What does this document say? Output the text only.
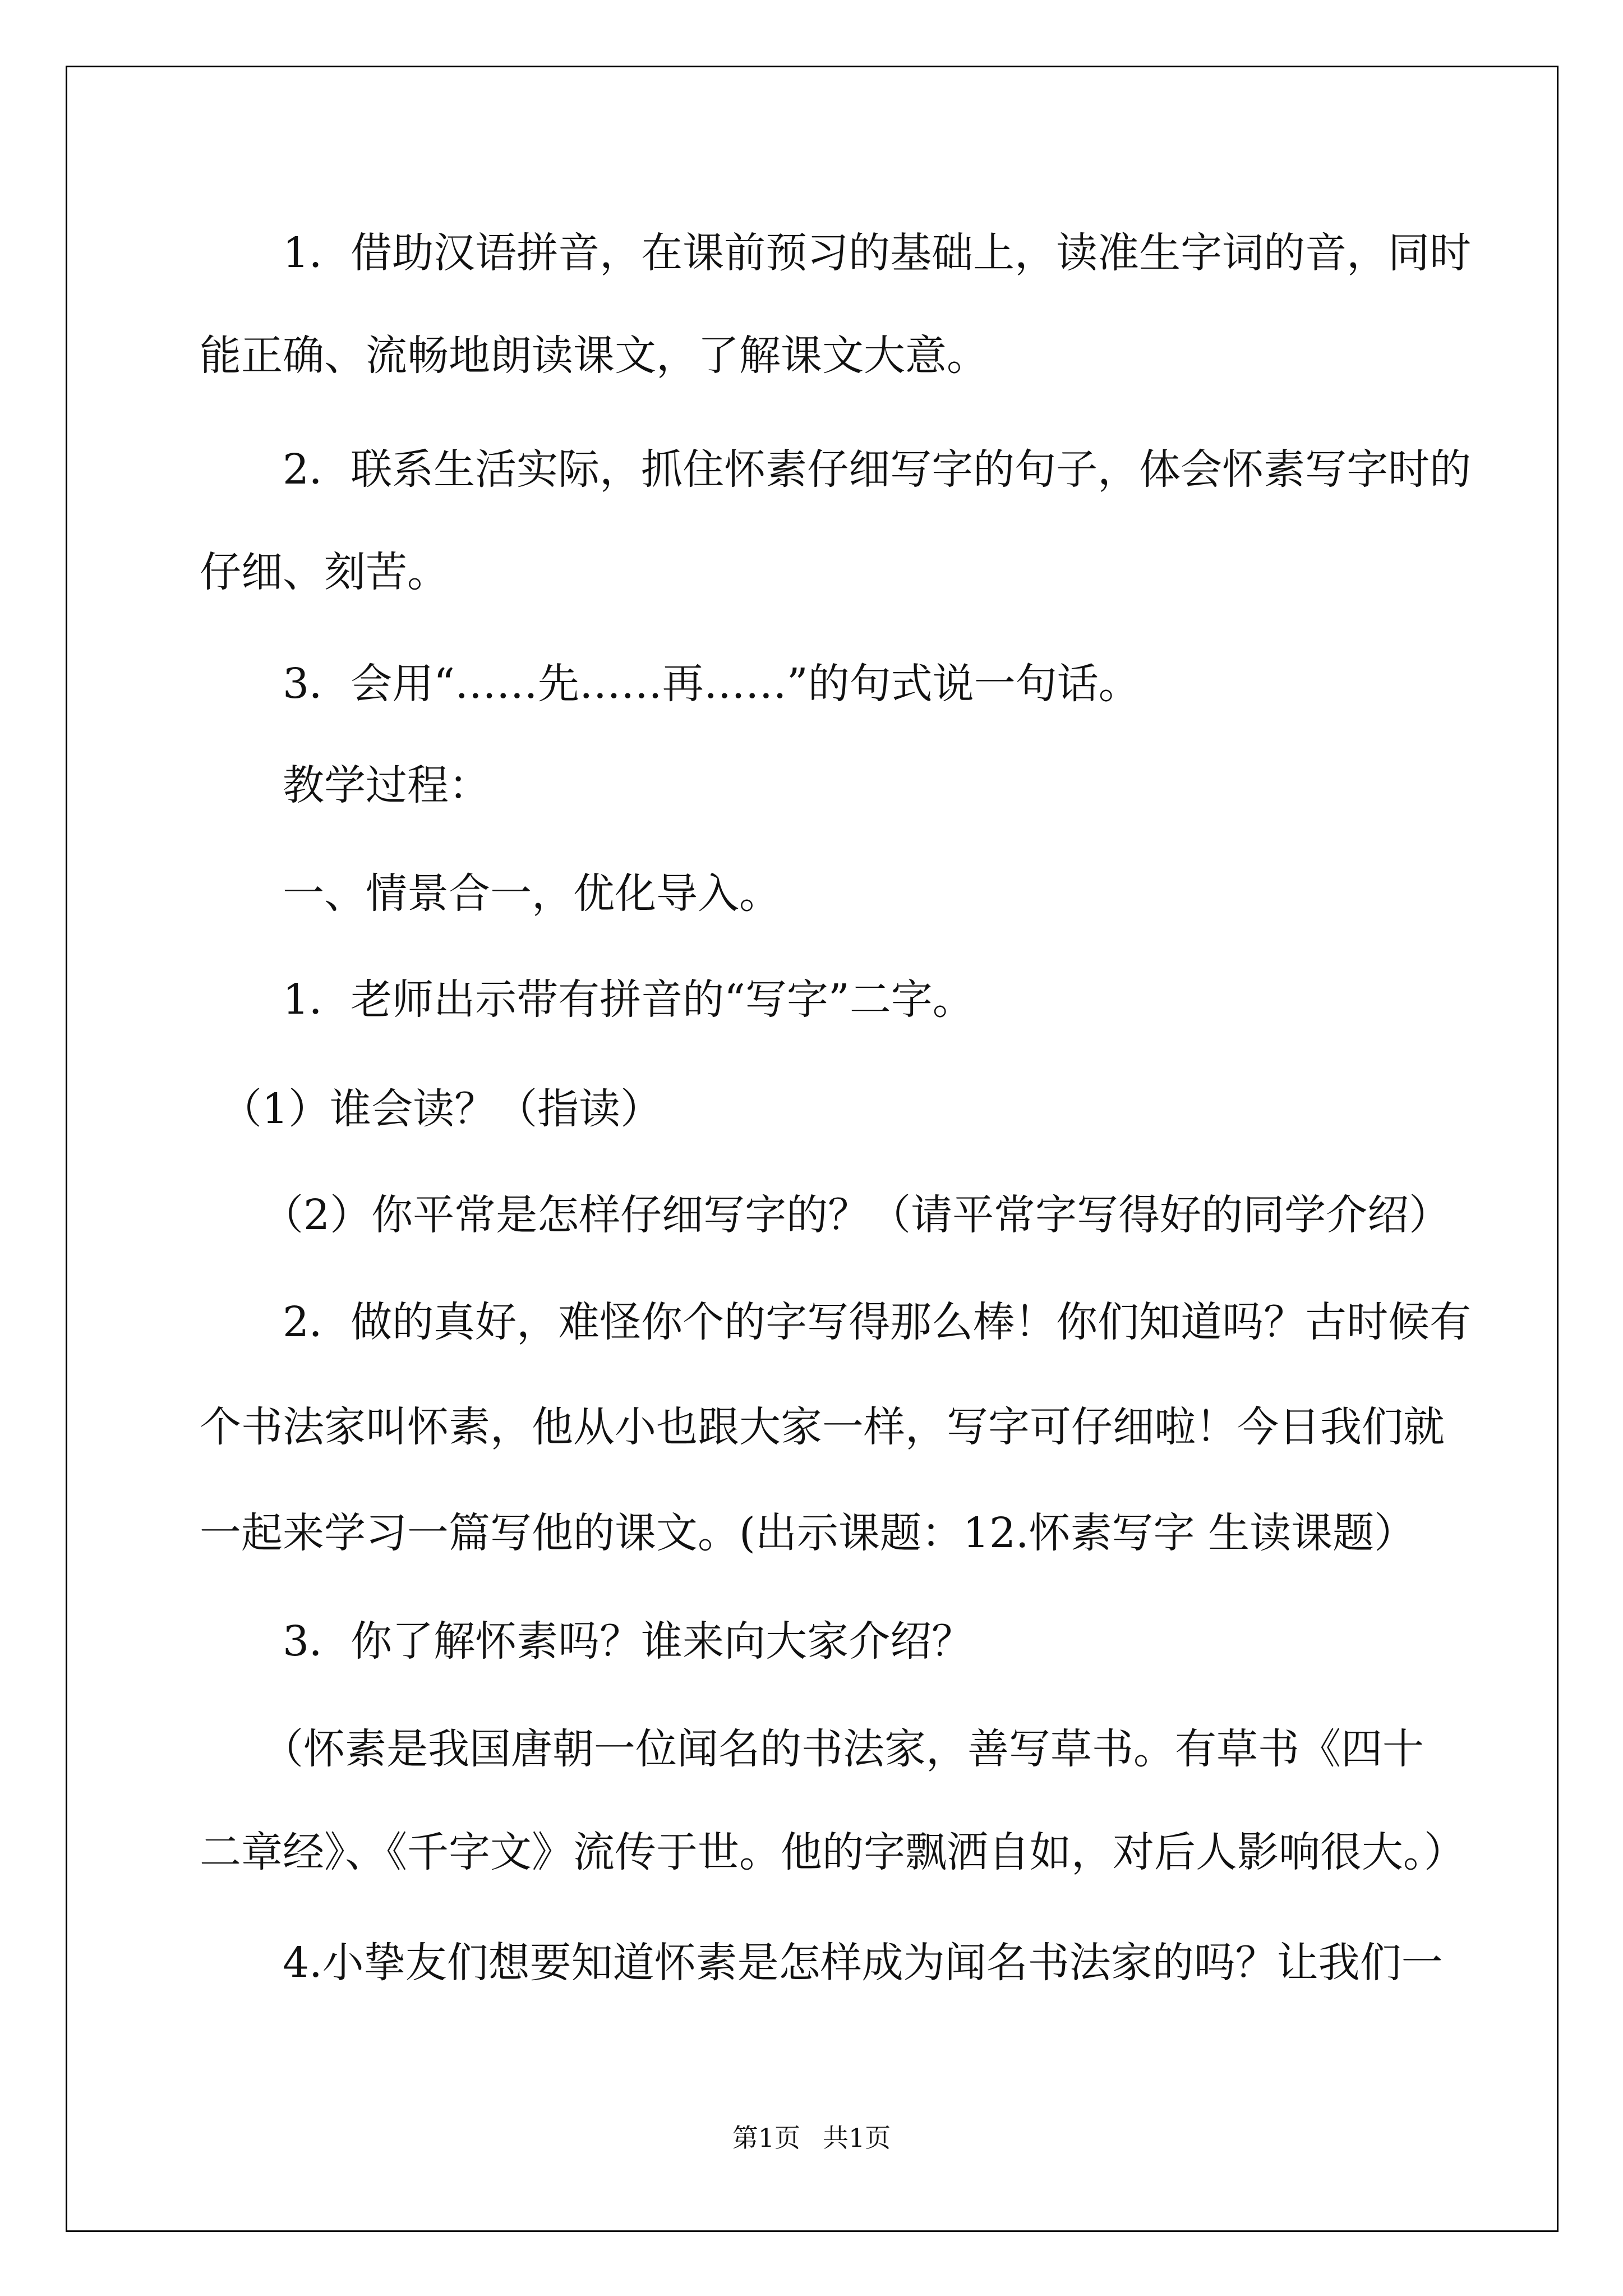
　　1．借助汉语拼音，在课前预习的基础上，读准生字词的音，同时
能正确、流畅地朗读课文，了解课文大意。
　　2．联系生活实际，抓住怀素仔细写字的句子，体会怀素写字时的
仔细、刻苦。
　　3．会用“……先……再……”的句式说一句话。
　　教学过程：
　　一、情景合一，优化导入。
　　1．老师出示带有拼音的“写字”二字。
　（1）谁会读？（指读）
　　（2）你平常是怎样仔细写字的？（请平常字写得好的同学介绍）
　　2．做的真好，难怪你个的字写得那么棒！你们知道吗？古时候有
个书法家叫怀素，他从小也跟大家一样，写字可仔细啦！今日我们就
一起来学习一篇写他的课文。(出示课题：12.怀素写字 生读课题）
　　3．你了解怀素吗？谁来向大家介绍？
　　（怀素是我国唐朝一位闻名的书法家，善写草书。有草书《四十
二章经》、《千字文》流传于世。他的字飘洒自如，对后人影响很大。）
　　4.小挚友们想要知道怀素是怎样成为闻名书法家的吗？让我们一
第1页 共1页
